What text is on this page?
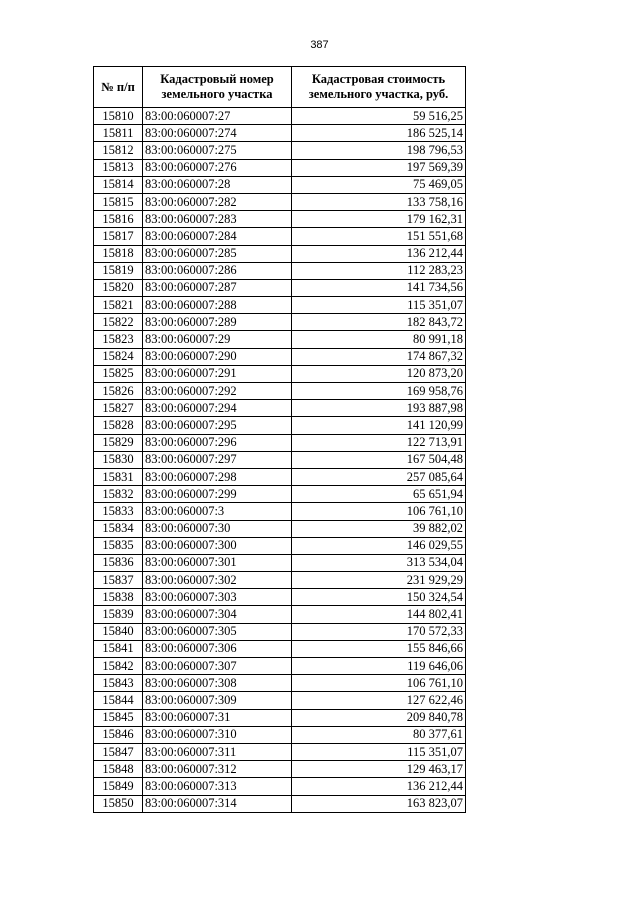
387
№ п/п	Кадастровый номер земельного участка	Кадастровая стоимость земельного участка, руб.
15810	83:00:060007:27	59 516,25
15811	83:00:060007:274	186 525,14
15812	83:00:060007:275	198 796,53
15813	83:00:060007:276	197 569,39
15814	83:00:060007:28	75 469,05
15815	83:00:060007:282	133 758,16
15816	83:00:060007:283	179 162,31
15817	83:00:060007:284	151 551,68
15818	83:00:060007:285	136 212,44
15819	83:00:060007:286	112 283,23
15820	83:00:060007:287	141 734,56
15821	83:00:060007:288	115 351,07
15822	83:00:060007:289	182 843,72
15823	83:00:060007:29	80 991,18
15824	83:00:060007:290	174 867,32
15825	83:00:060007:291	120 873,20
15826	83:00:060007:292	169 958,76
15827	83:00:060007:294	193 887,98
15828	83:00:060007:295	141 120,99
15829	83:00:060007:296	122 713,91
15830	83:00:060007:297	167 504,48
15831	83:00:060007:298	257 085,64
15832	83:00:060007:299	65 651,94
15833	83:00:060007:3	106 761,10
15834	83:00:060007:30	39 882,02
15835	83:00:060007:300	146 029,55
15836	83:00:060007:301	313 534,04
15837	83:00:060007:302	231 929,29
15838	83:00:060007:303	150 324,54
15839	83:00:060007:304	144 802,41
15840	83:00:060007:305	170 572,33
15841	83:00:060007:306	155 846,66
15842	83:00:060007:307	119 646,06
15843	83:00:060007:308	106 761,10
15844	83:00:060007:309	127 622,46
15845	83:00:060007:31	209 840,78
15846	83:00:060007:310	80 377,61
15847	83:00:060007:311	115 351,07
15848	83:00:060007:312	129 463,17
15849	83:00:060007:313	136 212,44
15850	83:00:060007:314	163 823,07
